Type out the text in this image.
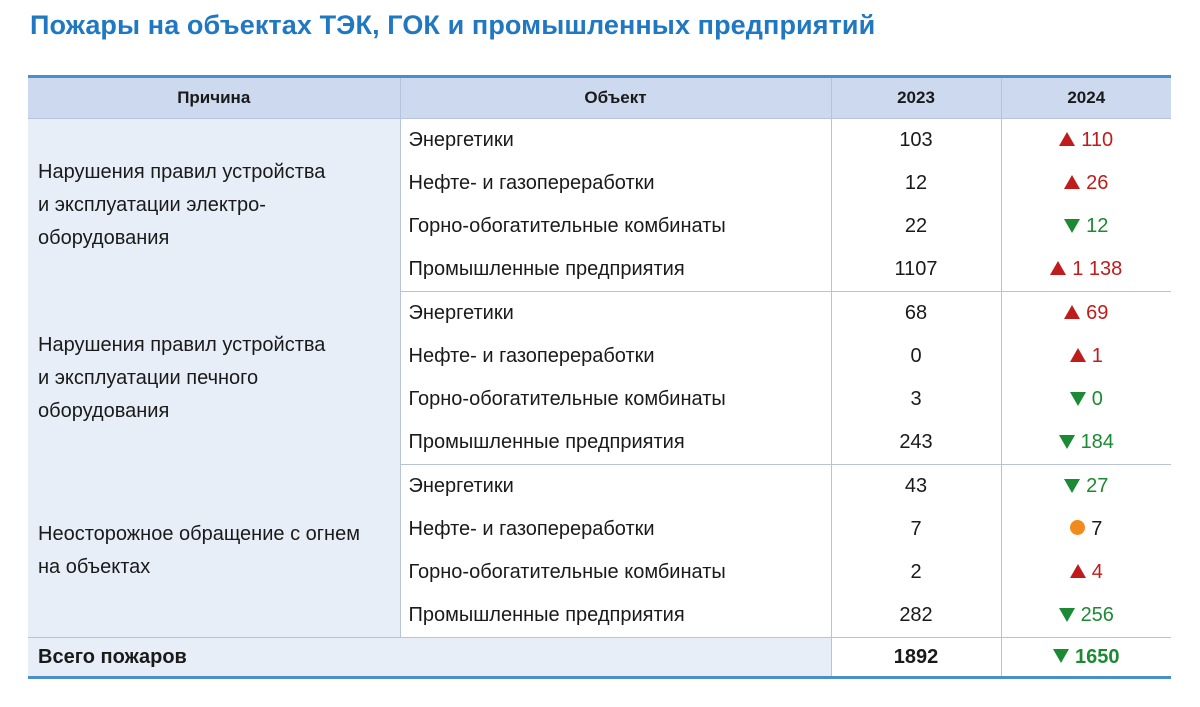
Пожары на объектах ТЭК, ГОК и промышленных предприятий
Причина	Объект	2023	2024

Нарушения правил устройства
и эксплуатации электро-
оборудования	Энергетики	103	110
	Нефте- и газопереработки	12	26
	Горно-обогатительные комбинаты	22	12
	Промышленные предприятия	1107	1 138

Нарушения правил устройства
и эксплуатации печного
оборудования	Энергетики	68	69
	Нефте- и газопереработки	0	1
	Горно-обогатительные комбинаты	3	0
	Промышленные предприятия	243	184

Неосторожное обращение с огнем
на объектах	Энергетики	43	27
	Нефте- и газопереработки	7	7
	Горно-обогатительные комбинаты	2	4
	Промышленные предприятия	282	256
Всего пожаров		1892	1650
